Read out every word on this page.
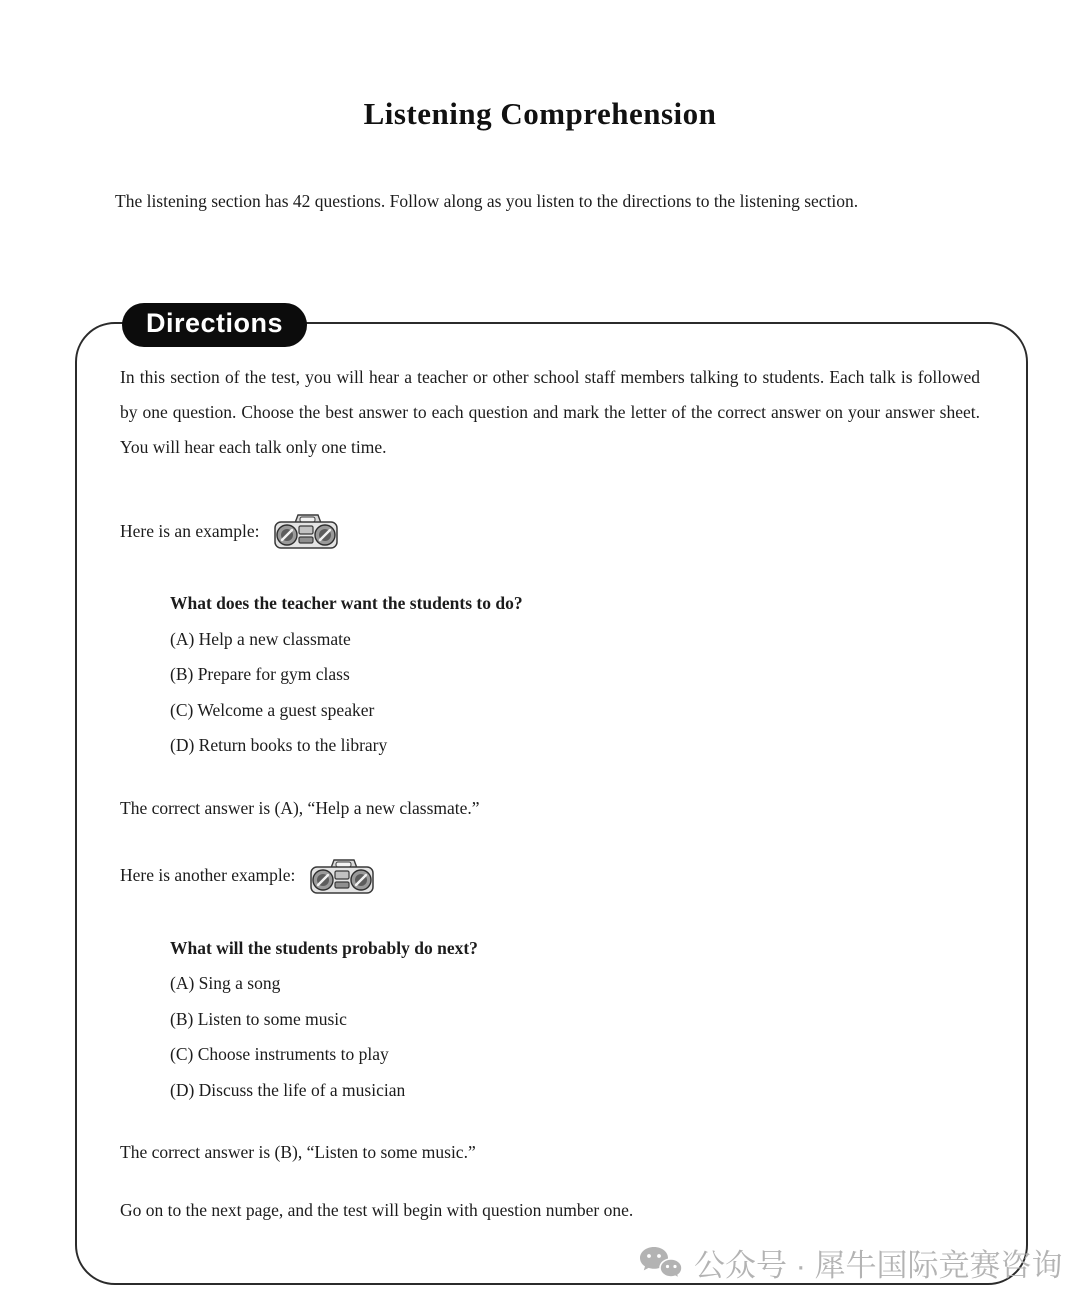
Listening Comprehension
The listening section has 42 questions. Follow along as you listen to the directions to the listening section.
Directions

In this section of the test, you will hear a teacher or other school staff members talking to students. Each talk is followed by one question. Choose the best answer to each question and mark the letter of the correct answer on your answer sheet. You will hear each talk only one time.

Here is an example:
What does the teacher want the students to do?
(A) Help a new classmate
(B) Prepare for gym class
(C) Welcome a guest speaker
(D) Return books to the library
The correct answer is (A), “Help a new classmate.”
Here is another example:
What will the students probably do next?
(A) Sing a song
(B) Listen to some music
(C) Choose instruments to play
(D) Discuss the life of a musician
The correct answer is (B), “Listen to some music.”
Go on to the next page, and the test will begin with question number one.
公众号 · 犀牛国际竞赛咨询
